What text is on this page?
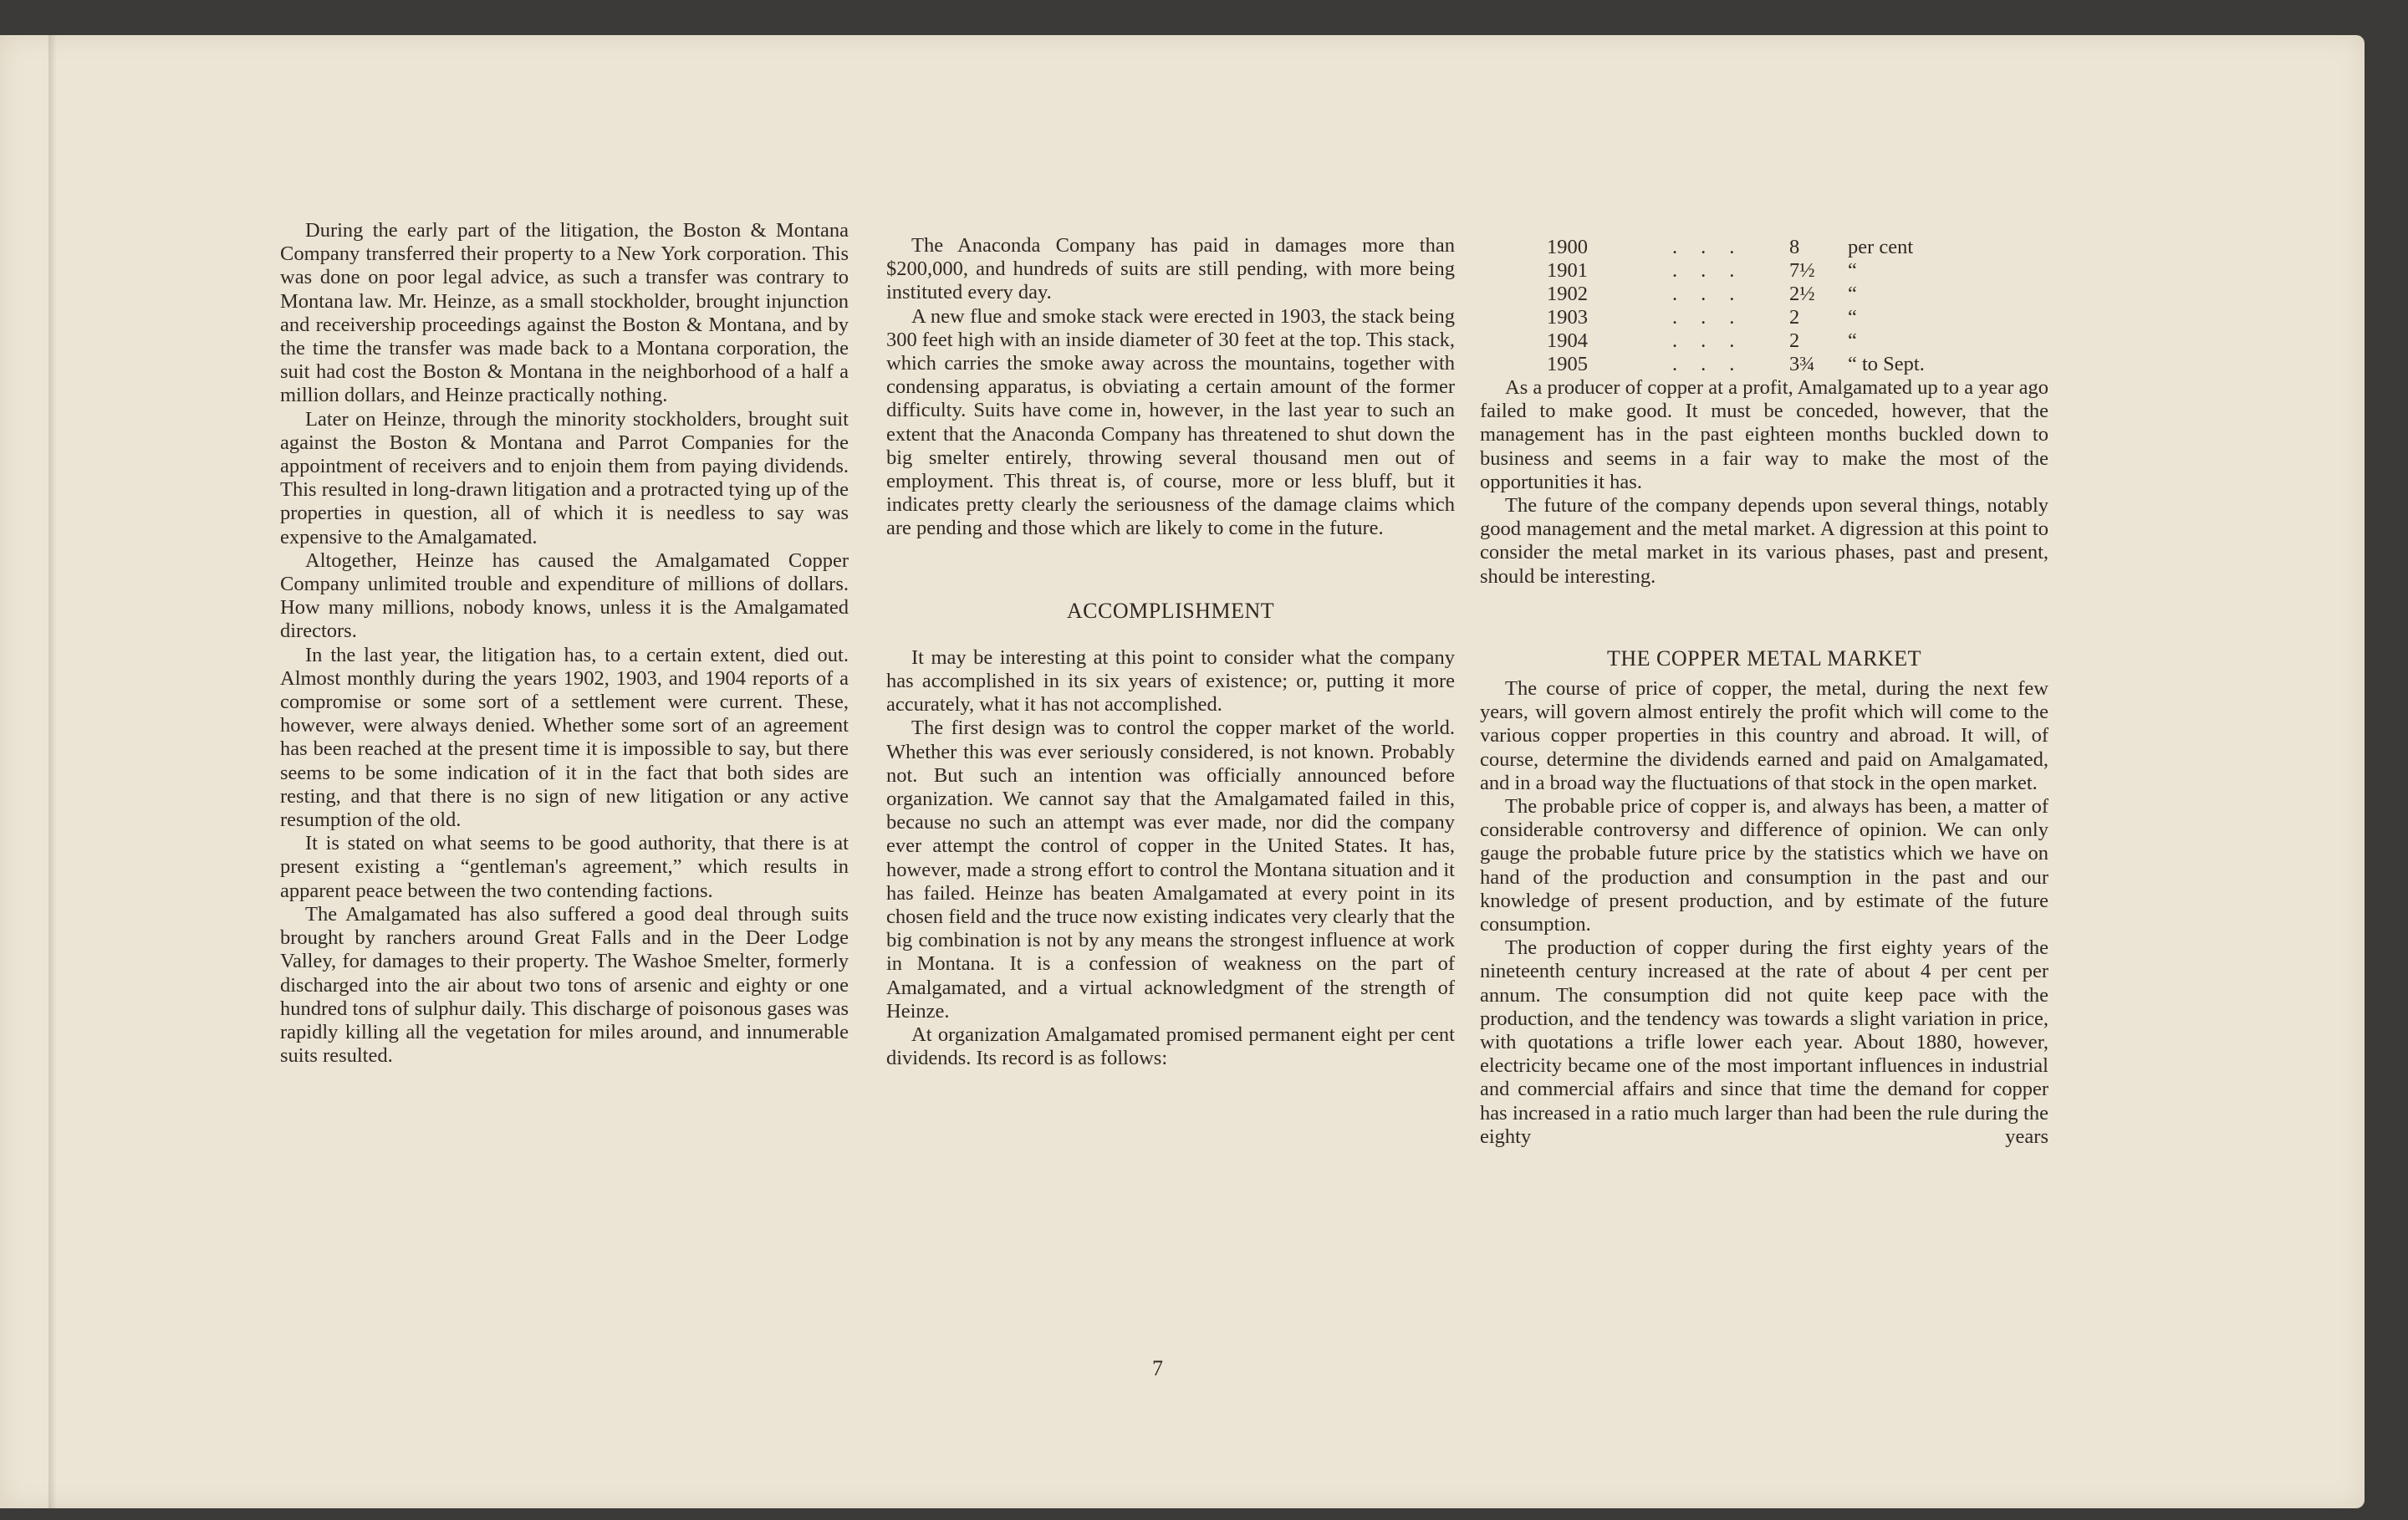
During the early part of the litigation, the Boston & Montana Company transferred their property to a New York corporation. This was done on poor legal advice, as such a transfer was contrary to Montana law. Mr. Heinze, as a small stockholder, brought injunction and receivership proceedings against the Boston & Montana, and by the time the transfer was made back to a Montana corporation, the suit had cost the Boston & Montana in the neighborhood of a half a million dollars, and Heinze practically nothing.

Later on Heinze, through the minority stockholders, brought suit against the Boston & Montana and Parrot Companies for the appointment of receivers and to enjoin them from paying dividends. This resulted in long-drawn litigation and a protracted tying up of the properties in question, all of which it is needless to say was expensive to the Amalgamated.

Altogether, Heinze has caused the Amalgamated Copper Company unlimited trouble and expenditure of millions of dollars. How many millions, nobody knows, unless it is the Amalgamated directors.

In the last year, the litigation has, to a certain extent, died out. Almost monthly during the years 1902, 1903, and 1904 reports of a compromise or some sort of a settlement were current. These, however, were always denied. Whether some sort of an agreement has been reached at the present time it is impossible to say, but there seems to be some indication of it in the fact that both sides are resting, and that there is no sign of new litigation or any active resumption of the old.

It is stated on what seems to be good authority, that there is at present existing a “gentleman's agreement,” which results in apparent peace between the two contending factions.

The Amalgamated has also suffered a good deal through suits brought by ranchers around Great Falls and in the Deer Lodge Valley, for damages to their property. The Washoe Smelter, formerly discharged into the air about two tons of arsenic and eighty or one hundred tons of sulphur daily. This discharge of poisonous gases was rapidly killing all the vegetation for miles around, and innumerable suits resulted.

The Anaconda Company has paid in damages more than $200,000, and hundreds of suits are still pending, with more being instituted every day.

A new flue and smoke stack were erected in 1903, the stack being 300 feet high with an inside diameter of 30 feet at the top. This stack, which carries the smoke away across the mountains, together with condensing apparatus, is obviating a certain amount of the former difficulty. Suits have come in, however, in the last year to such an extent that the Anaconda Company has threatened to shut down the big smelter entirely, throwing several thousand men out of employment. This threat is, of course, more or less bluff, but it indicates pretty clearly the seriousness of the damage claims which are pending and those which are likely to come in the future.

ACCOMPLISHMENT

It may be interesting at this point to consider what the company has accomplished in its six years of existence; or, putting it more accurately, what it has not accomplished.

The first design was to control the copper market of the world. Whether this was ever seriously considered, is not known. Probably not. But such an intention was officially announced before organization. We cannot say that the Amalgamated failed in this, because no such an attempt was ever made, nor did the company ever attempt the control of copper in the United States. It has, however, made a strong effort to control the Montana situation and it has failed. Heinze has beaten Amalgamated at every point in its chosen field and the truce now existing indicates very clearly that the big combination is not by any means the strongest influence at work in Montana. It is a confession of weakness on the part of Amalgamated, and a virtual acknowledgment of the strength of Heinze.

At organization Amalgamated promised permanent eight per cent dividends. Its record is as follows:

1900	...	8	per cent
1901	...	7½	“
1902	...	2½	“
1903	...	2	“
1904	...	2	“
1905	...	3¾	“ to Sept.

As a producer of copper at a profit, Amalgamated up to a year ago failed to make good. It must be conceded, however, that the management has in the past eighteen months buckled down to business and seems in a fair way to make the most of the opportunities it has.

The future of the company depends upon several things, notably good management and the metal market. A digression at this point to consider the metal market in its various phases, past and present, should be interesting.

THE COPPER METAL MARKET

The course of price of copper, the metal, during the next few years, will govern almost entirely the profit which will come to the various copper properties in this country and abroad. It will, of course, determine the dividends earned and paid on Amalgamated, and in a broad way the fluctuations of that stock in the open market.

The probable price of copper is, and always has been, a matter of considerable controversy and difference of opinion. We can only gauge the probable future price by the statistics which we have on hand of the production and consumption in the past and our knowledge of present production, and by estimate of the future consumption.

The production of copper during the first eighty years of the nineteenth century increased at the rate of about 4 per cent per annum. The consumption did not quite keep pace with the production, and the tendency was towards a slight variation in price, with quotations a trifle lower each year. About 1880, however, electricity became one of the most important influences in industrial and commercial affairs and since that time the demand for copper has increased in a ratio much larger than had been the rule during the eighty years

7
